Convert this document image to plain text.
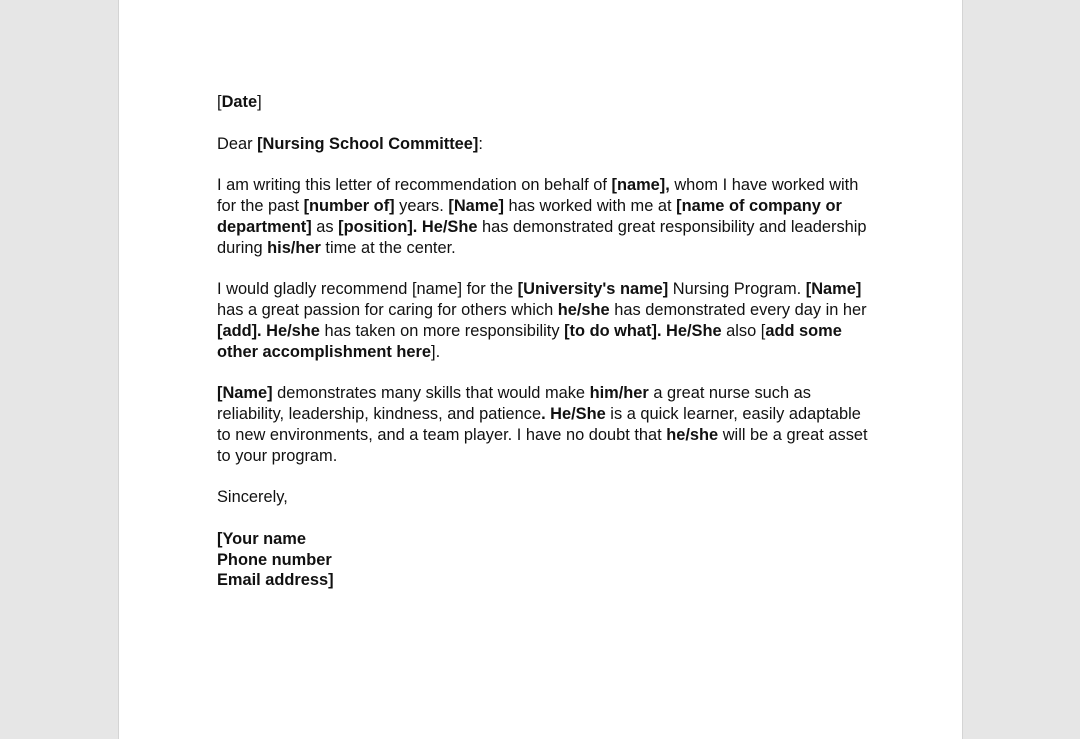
[Date]
Dear [Nursing School Committee]:
I am writing this letter of recommendation on behalf of [name], whom I have worked with for the past [number of] years. [Name] has worked with me at [name of company or department] as [position]. He/She has demonstrated great responsibility and leadership during his/her time at the center.
I would gladly recommend [name] for the [University's name] Nursing Program. [Name] has a great passion for caring for others which he/she has demonstrated every day in her [add]. He/she has taken on more responsibility [to do what]. He/She also [add some other accomplishment here].
[Name] demonstrates many skills that would make him/her a great nurse such as reliability, leadership, kindness, and patience. He/She is a quick learner, easily adaptable to new environments, and a team player. I have no doubt that he/she will be a great asset to your program.
Sincerely,
[Your name
Phone number
Email address]
